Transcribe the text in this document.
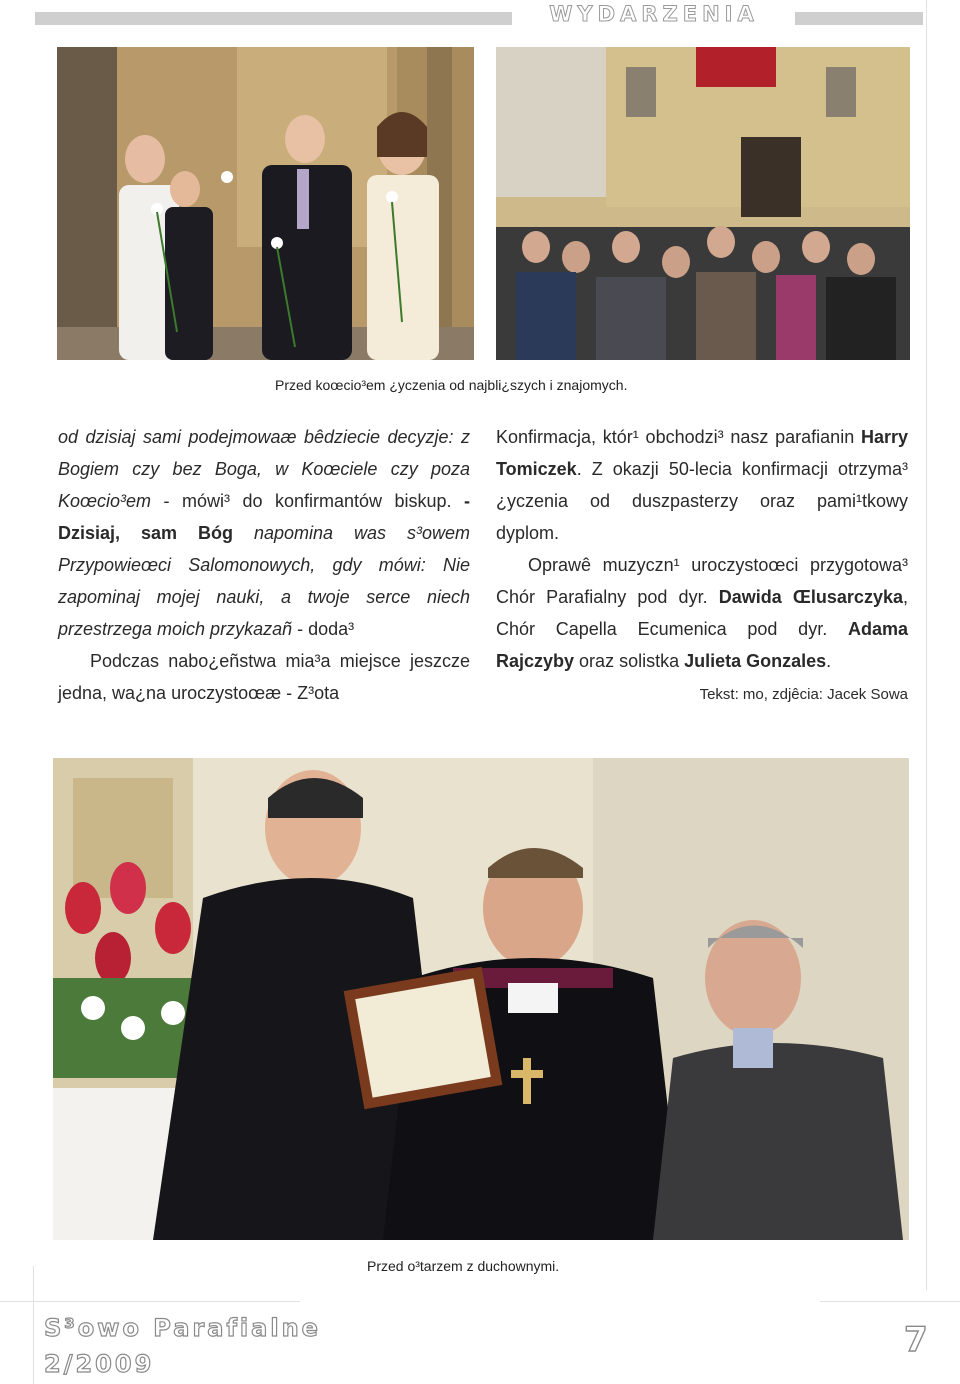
WYDARZENIA
Przed koœcio³em ¿yczenia od najbli¿szych i znajomych.

od dzisiaj sami podejmowaæ bêdziecie decyzje: z Bogiem czy bez Boga, w Koœciele czy poza Koœcio³em - mówi³ do konfirmantów biskup. - Dzisiaj, sam Bóg napomina was s³owem Przypowieœci Salomonowych, gdy mówi: Nie zapominaj mojej nauki, a twoje serce niech przestrzega moich przykazañ - doda³

Podczas nabo¿eñstwa mia³a miejsce jeszcze jedna, wa¿na uroczystoœæ - Z³ota

Konfirmacja, któr¹ obchodzi³ nasz parafianin Harry Tomiczek. Z okazji 50-lecia konfirmacji otrzyma³ ¿yczenia od duszpasterzy oraz pami¹tkowy dyplom.

Oprawê muzyczn¹ uroczystoœci przygotowa³ Chór Parafialny pod dyr. Dawida Œlusarczyka, Chór Capella Ecumenica pod dyr. Adama Rajczyby oraz solistka Julieta Gonzales.

Tekst: mo, zdjêcia: Jacek Sowa
Przed o³tarzem z duchownymi.
S³owo Parafialne
2/2009
7
